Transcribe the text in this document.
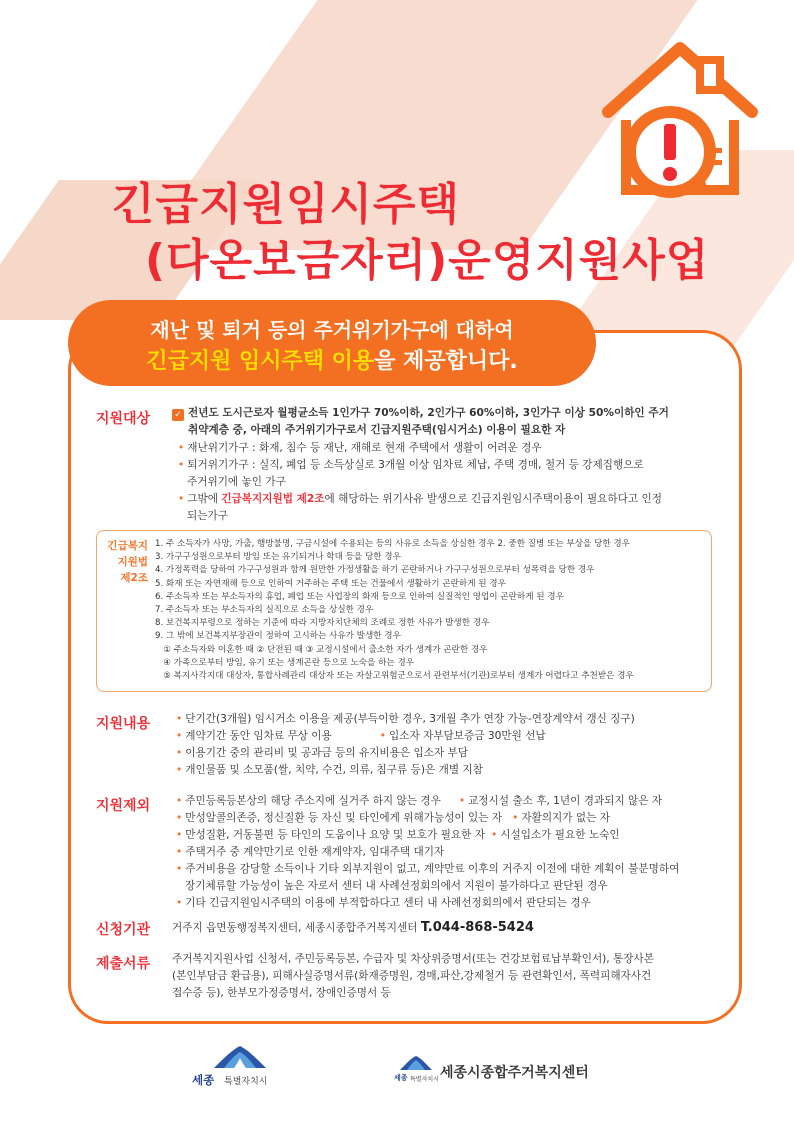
긴급지원임시주택
(다온보금자리)운영지원사업
재난 및 퇴거 등의 주거위기가구에 대하여
긴급지원 임시주택 이용을 제공합니다.
지원대상	✓ 전년도 도시근로자 월평균소득 1인가구 70%이하, 2인가구 60%이하, 3인가구 이상 50%이하인 주거
취약계층 중, 아래의 주거위기가구로서 긴급지원주택(임시거소) 이용이 필요한 자
• 재난위기가구 : 화재, 침수 등 재난, 재해로 현재 주택에서 생활이 어려운 경우
• 퇴거위기가구 : 실직, 폐업 등 소득상실로 3개월 이상 임차료 체납, 주택 경매, 철거 등 강제집행으로
주거위기에 놓인 가구
• 그밖에 긴급복지지원법 제2조에 해당하는 위기사유 발생으로 긴급지원임시주택이용이 필요하다고 인정
되는가구
긴급복지
지원법
제2조
1. 주 소득자가 사망, 가출, 행방불명, 구금시설에 수용되는 등의 사유로 소득을 상실한 경우 2. 중한 질병 또는 부상을 당한 경우
3. 가구구성원으로부터 방임 또는 유기되거나 학대 등을 당한 경우
4. 가정폭력을 당하여 가구구성원과 함께 원만한 가정생활을 하기 곤란하거나 가구구성원으로부터 성폭력을 당한 경우
5. 화재 또는 자연재해 등으로 인하여 거주하는 주택 또는 건물에서 생활하기 곤란하게 된 경우
6. 주소득자 또는 부소득자의 휴업, 폐업 또는 사업장의 화재 등으로 인하여 실질적인 영업이 곤란하게 된 경우
7. 주소득자 또는 부소득자의 실직으로 소득을 상실한 경우
8. 보건복지부령으로 정하는 기준에 따라 지방자치단체의 조례로 정한 사유가 발생한 경우
9. 그 밖에 보건복지부장관이 정하여 고시하는 사유가 발생한 경우
① 주소득자와 이혼한 때 ② 단전된 때 ③ 교정시설에서 출소한 자가 생계가 곤란한 경우
④ 가족으로부터 방임, 유기 또는 생계곤란 등으로 노숙을 하는 경우
⑤ 복지사각지대 대상자, 통합사례관리 대상자 또는 자살고위험군으로서 관련부서(기관)로부터 생계가 어렵다고 추천받은 경우
지원내용 • 단기간(3개월) 임시거소 이용을 제공(부득이한 경우, 3개월 추가 연장 가능-연장계약서 갱신 징구)
• 계약기간 동안 임차료 무상 이용	• 입소자 자부담보증금 30만원 선납
• 이용기간 중의 관리비 및 공과금 등의 유지비용은 입소자 부담
• 개인물품 및 소모품(쌀, 치약, 수건, 의류, 침구류 등)은 개별 지참
지원제외 • 주민등록등본상의 해당 주소지에 실거주 하지 않는 경우 • 교정시설 출소 후, 1년이 경과되지 않은 자
• 만성알콜의존증, 정신질환 등 자신 및 타인에게 위해가능성이 있는 자 • 자활의지가 없는 자
• 만성질환, 거동불편 등 타인의 도움이나 요양 및 보호가 필요한 자 • 시설입소가 필요한 노숙인
• 주택거주 중 계약만기로 인한 재계약자, 임대주택 대기자
• 주거비용을 감당할 소득이나 기타 외부지원이 없고, 계약만료 이후의 거주지 이전에 대한 계획이 불분명하여
장기체류할 가능성이 높은 자로서 센터 내 사례선정회의에서 지원이 불가하다고 판단된 경우
• 기타 긴급지원임시주택의 이용에 부적합하다고 센터 내 사례선정회의에서 판단되는 경우
신청기관 거주지 읍면동행정복지센터, 세종시종합주거복지센터 T.044-868-5424
제출서류 주거복지지원사업 신청서, 주민등록등본, 수급자 및 차상위증명서(또는 건강보험료납부확인서), 통장사본
(본인부담금 환급용), 피해사실증명서류(화재증명원, 경매,파산,강제철거 등 관련확인서, 폭력피해자사건
접수증 등), 한부모가정증명서, 장애인증명서 등
세종 특별자치시	세종 특별자치시 세종시종합주거복지센터
